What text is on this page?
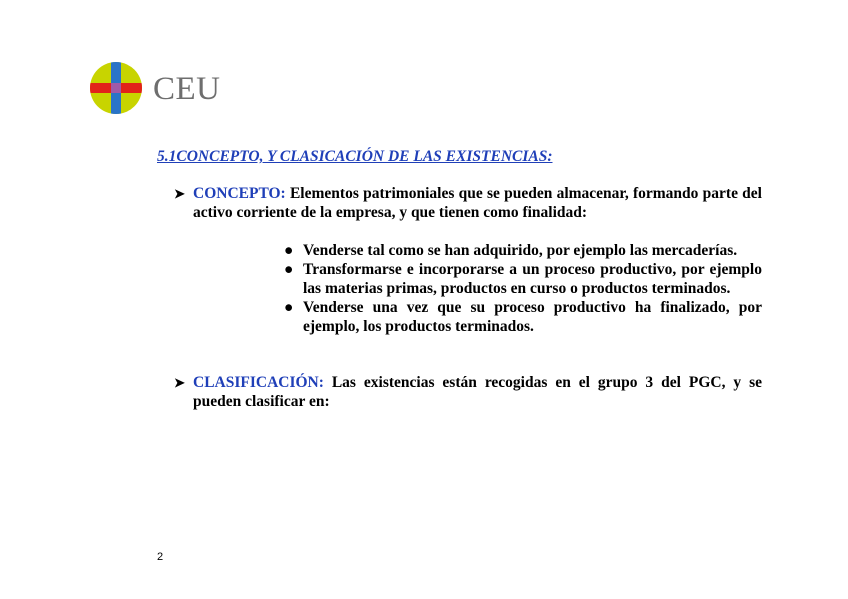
CEU
5.1CONCEPTO, Y CLASICACIÓN DE LAS EXISTENCIAS:
➤ CONCEPTO: Elementos patrimoniales que se pueden almacenar, formando parte del activo corriente de la empresa, y que tienen como finalidad:
● Venderse tal como se han adquirido, por ejemplo las mercaderías.
● Transformarse e incorporarse a un proceso productivo, por ejemplo las materias primas, productos en curso o productos terminados.
● Venderse una vez que su proceso productivo ha finalizado, por ejemplo, los productos terminados.
➤ CLASIFICACIÓN: Las existencias están recogidas en el grupo 3 del PGC, y se pueden clasificar en:
2
